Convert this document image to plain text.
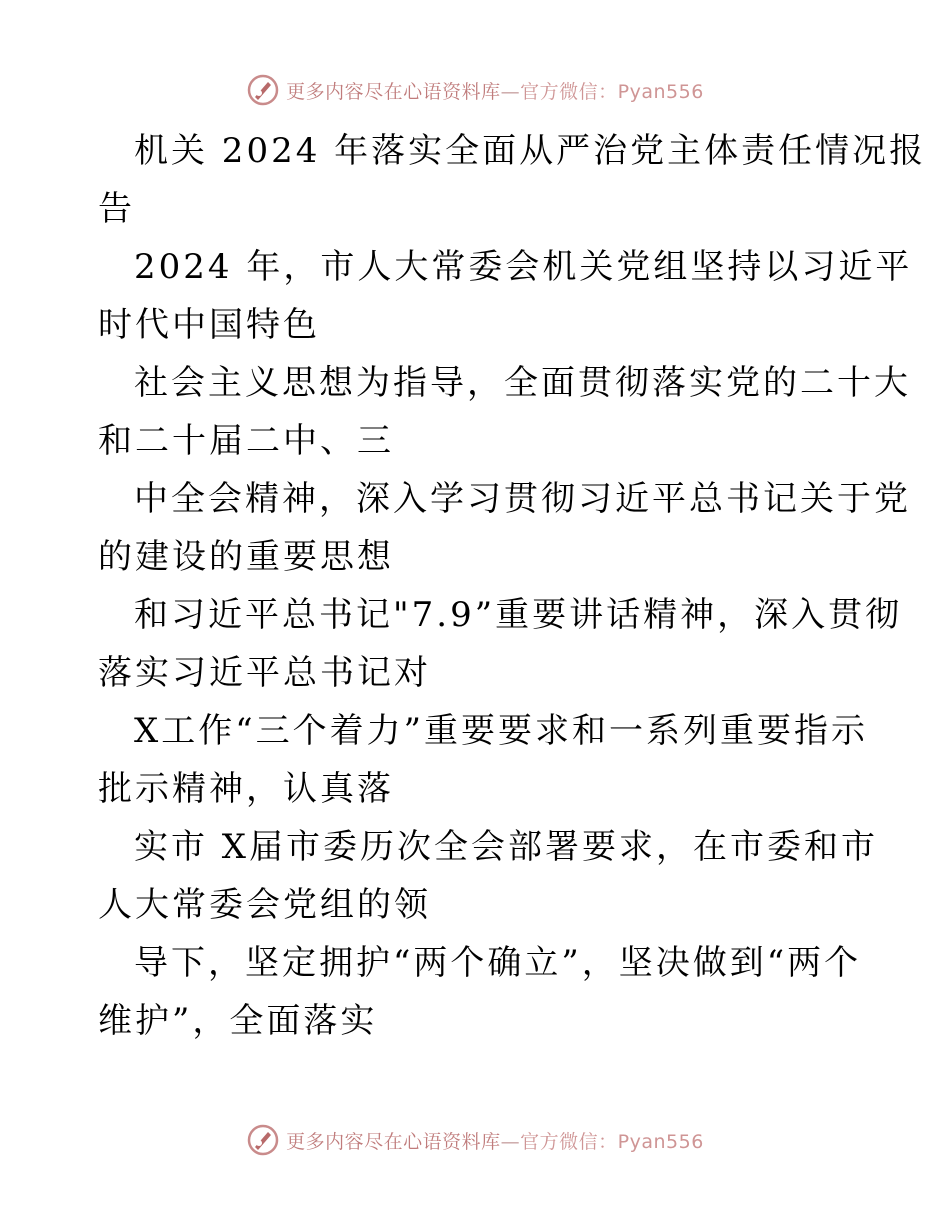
更多内容尽在心语资料库—官方微信：Pyan556

机关 2024 年落实全面从严治党主体责任情况报
告

2024 年，市人大常委会机关党组坚持以习近平
时代中国特色

社会主义思想为指导，全面贯彻落实党的二十大
和二十届二中、三

中全会精神，深入学习贯彻习近平总书记关于党
的建设的重要思想

和习近平总书记"7.9”重要讲话精神，深入贯彻
落实习近平总书记对

X工作“三个着力”重要要求和一系列重要指示
批示精神，认真落

实市 X届市委历次全会部署要求，在市委和市
人大常委会党组的领

导下，坚定拥护“两个确立”，坚决做到“两个
维护”，全面落实

更多内容尽在心语资料库—官方微信：Pyan556
